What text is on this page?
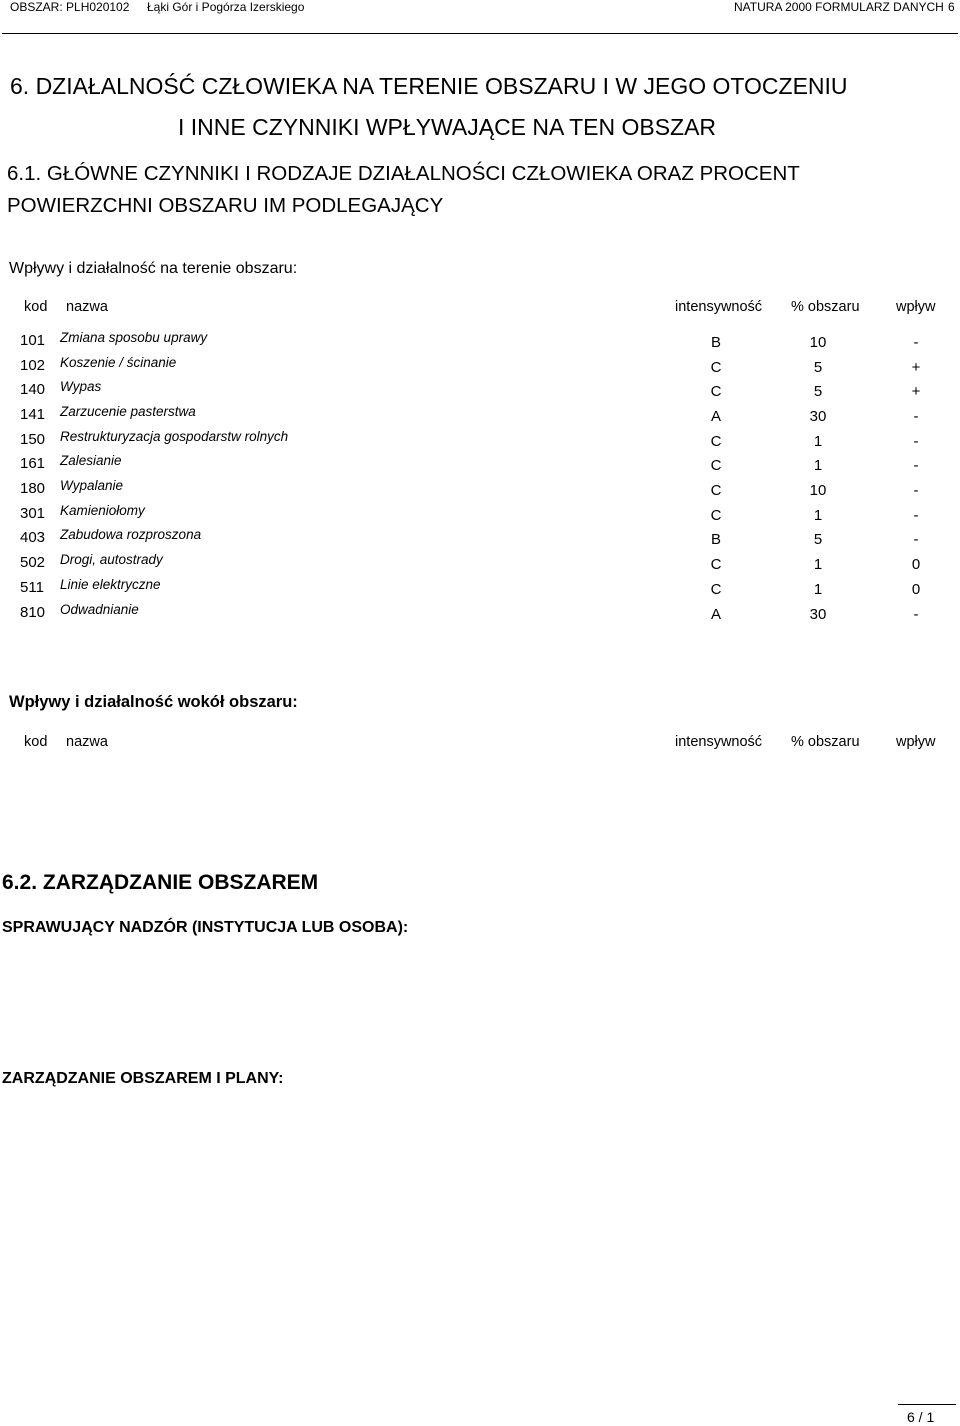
OBSZAR: PLH020102 Łąki Gór i Pogórza Izerskiego	NATURA 2000 FORMULARZ DANYCH 6
6. DZIAŁALNOŚĆ CZŁOWIEKA NA TERENIE OBSZARU I W JEGO OTOCZENIU
I INNE CZYNNIKI WPŁYWAJĄCE NA TEN OBSZAR
6.1. GŁÓWNE CZYNNIKI I RODZAJE DZIAŁALNOŚCI CZŁOWIEKA ORAZ PROCENT
POWIERZCHNI OBSZARU IM PODLEGAJĄCY
Wpływy i działalność na terenie obszaru:
kod nazwa	intensywność % obszaru	wpływ
101 Zmiana sposobu uprawy	B	10	-
102 Koszenie / ścinanie	C	5	+
140 Wypas	C	5	+
141 Zarzucenie pasterstwa	A	30	-
150 Restrukturyzacja gospodarstw rolnych	C	1	-
161 Zalesianie	C	1	-
180 Wypalanie	C	10	-
301 Kamieniołomy	C	1	-
403 Zabudowa rozproszona	B	5	-
502 Drogi, autostrady	C	1	0
511 Linie elektryczne	C	1	0
810 Odwadnianie	A	30	-
Wpływy i działalność wokół obszaru:
kod nazwa	intensywność % obszaru	wpływ
6.2. ZARZĄDZANIE OBSZAREM
SPRAWUJĄCY NADZÓR (INSTYTUCJA LUB OSOBA):
ZARZĄDZANIE OBSZAREM I PLANY:
6 / 1
